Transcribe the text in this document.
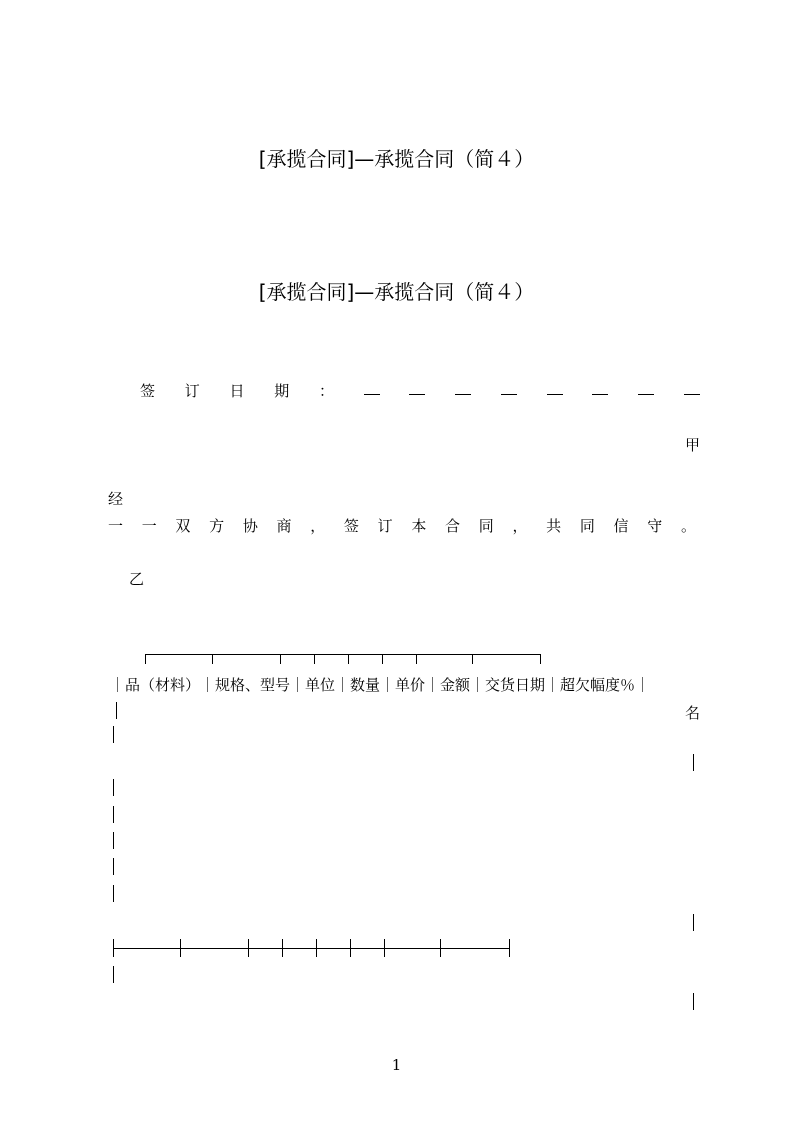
[承揽合同]—承揽合同（简４）
[承揽合同]—承揽合同（简４）
签 订 日 期 ：
甲
经
一 一 双 方 协 商 ， 签 订 本 合 同 ， 共 同 信 守 。
乙
｜品（材料）｜规格、型号｜单位｜数量｜单价｜金额｜交货日期｜超欠幅度％｜
名
1
